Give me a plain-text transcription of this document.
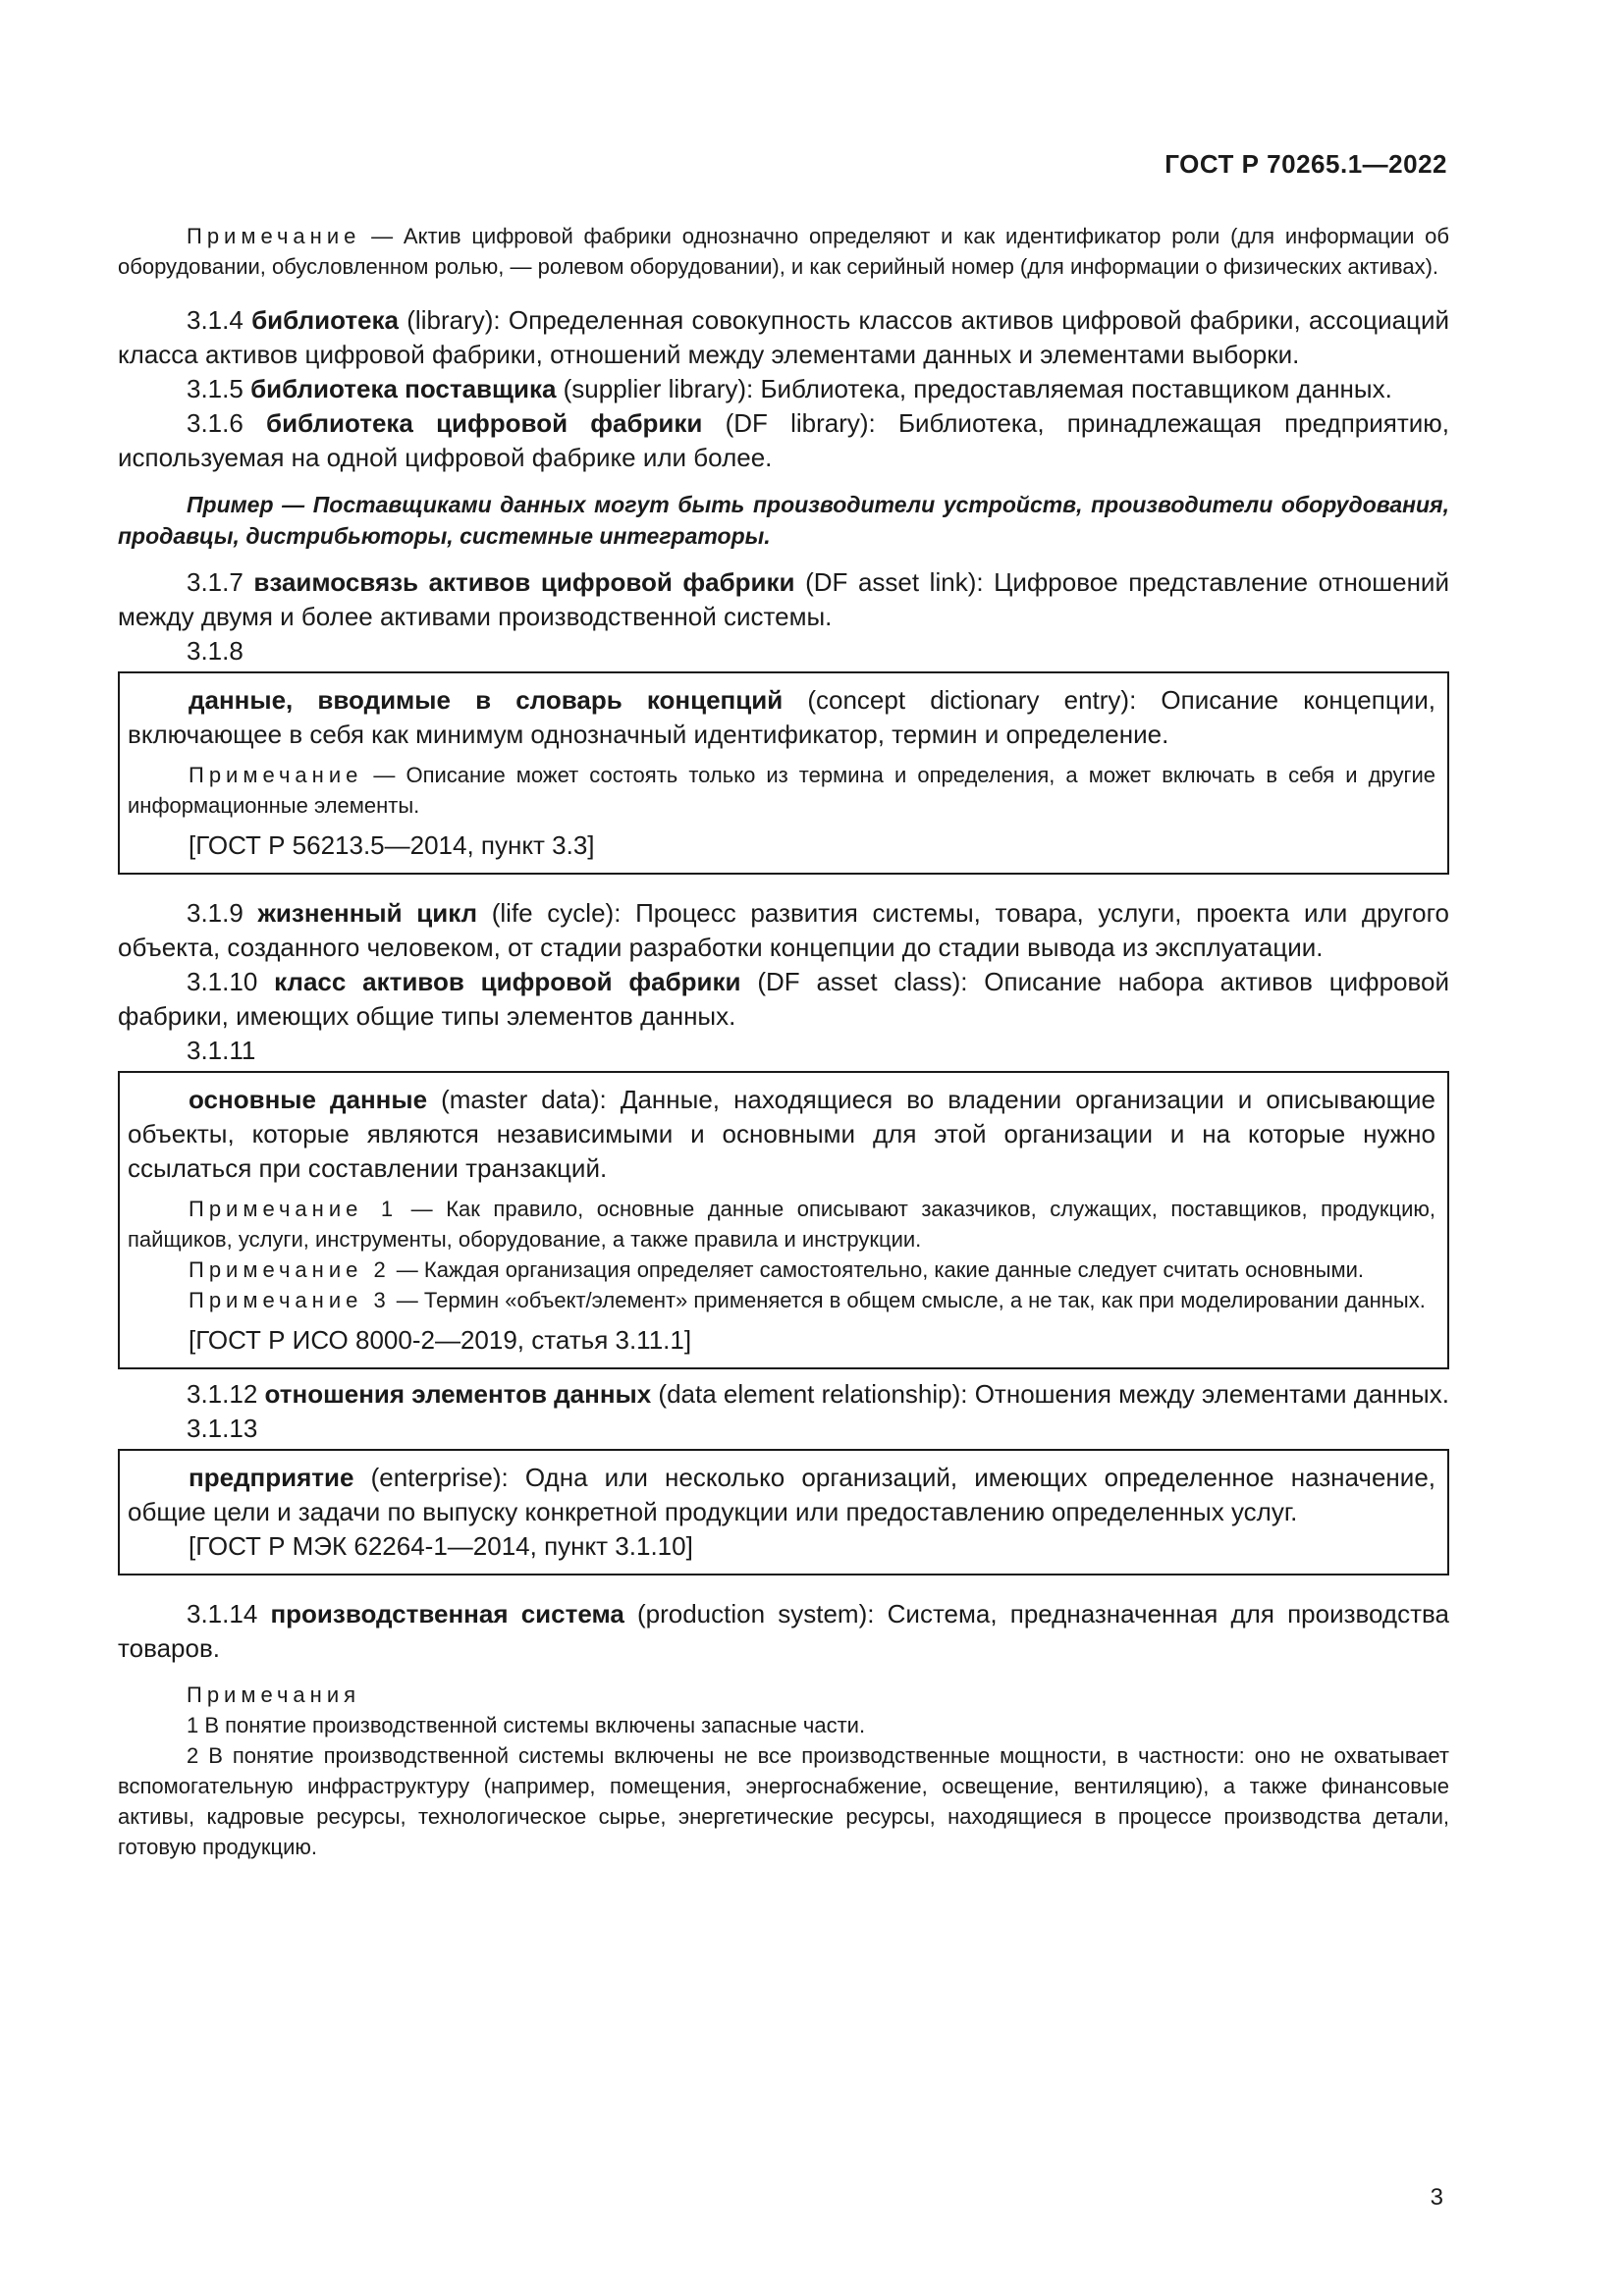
ГОСТ Р 70265.1—2022

Примечание — Актив цифровой фабрики однозначно определяют и как идентификатор роли (для информации об оборудовании, обусловленном ролью, — ролевом оборудовании), и как серийный номер (для информации о физических активах).

3.1.4 библиотека (library): Определенная совокупность классов активов цифровой фабрики, ассоциаций класса активов цифровой фабрики, отношений между элементами данных и элементами выборки.

3.1.5 библиотека поставщика (supplier library): Библиотека, предоставляемая поставщиком данных.

3.1.6 библиотека цифровой фабрики (DF library): Библиотека, принадлежащая предприятию, используемая на одной цифровой фабрике или более.

Пример — Поставщиками данных могут быть производители устройств, производители оборудования, продавцы, дистрибьюторы, системные интеграторы.

3.1.7 взаимосвязь активов цифровой фабрики (DF asset link): Цифровое представление отношений между двумя и более активами производственной системы.

3.1.8

данные, вводимые в словарь концепций (concept dictionary entry): Описание концепции, включающее в себя как минимум однозначный идентификатор, термин и определение.

Примечание — Описание может состоять только из термина и определения, а может включать в себя и другие информационные элементы.

[ГОСТ Р 56213.5—2014, пункт 3.3]

3.1.9 жизненный цикл (life cycle): Процесс развития системы, товара, услуги, проекта или другого объекта, созданного человеком, от стадии разработки концепции до стадии вывода из эксплуатации.

3.1.10 класс активов цифровой фабрики (DF asset class): Описание набора активов цифровой фабрики, имеющих общие типы элементов данных.

3.1.11

основные данные (master data): Данные, находящиеся во владении организации и описывающие объекты, которые являются независимыми и основными для этой организации и на которые нужно ссылаться при составлении транзакций.

Примечание 1 — Как правило, основные данные описывают заказчиков, служащих, поставщиков, продукцию, пайщиков, услуги, инструменты, оборудование, а также правила и инструкции.

Примечание 2 — Каждая организация определяет самостоятельно, какие данные следует считать основными.

Примечание 3 — Термин «объект/элемент» применяется в общем смысле, а не так, как при моделировании данных.

[ГОСТ Р ИСО 8000-2—2019, статья 3.11.1]

3.1.12 отношения элементов данных (data element relationship): Отношения между элементами данных.

3.1.13

предприятие (enterprise): Одна или несколько организаций, имеющих определенное назначение, общие цели и задачи по выпуску конкретной продукции или предоставлению определенных услуг.

[ГОСТ Р МЭК 62264-1—2014, пункт 3.1.10]

3.1.14 производственная система (production system): Система, предназначенная для производства товаров.

Примечания

1 В понятие производственной системы включены запасные части.

2 В понятие производственной системы включены не все производственные мощности, в частности: оно не охватывает вспомогательную инфраструктуру (например, помещения, энергоснабжение, освещение, вентиляцию), а также финансовые активы, кадровые ресурсы, технологическое сырье, энергетические ресурсы, находящиеся в процессе производства детали, готовую продукцию.

3
